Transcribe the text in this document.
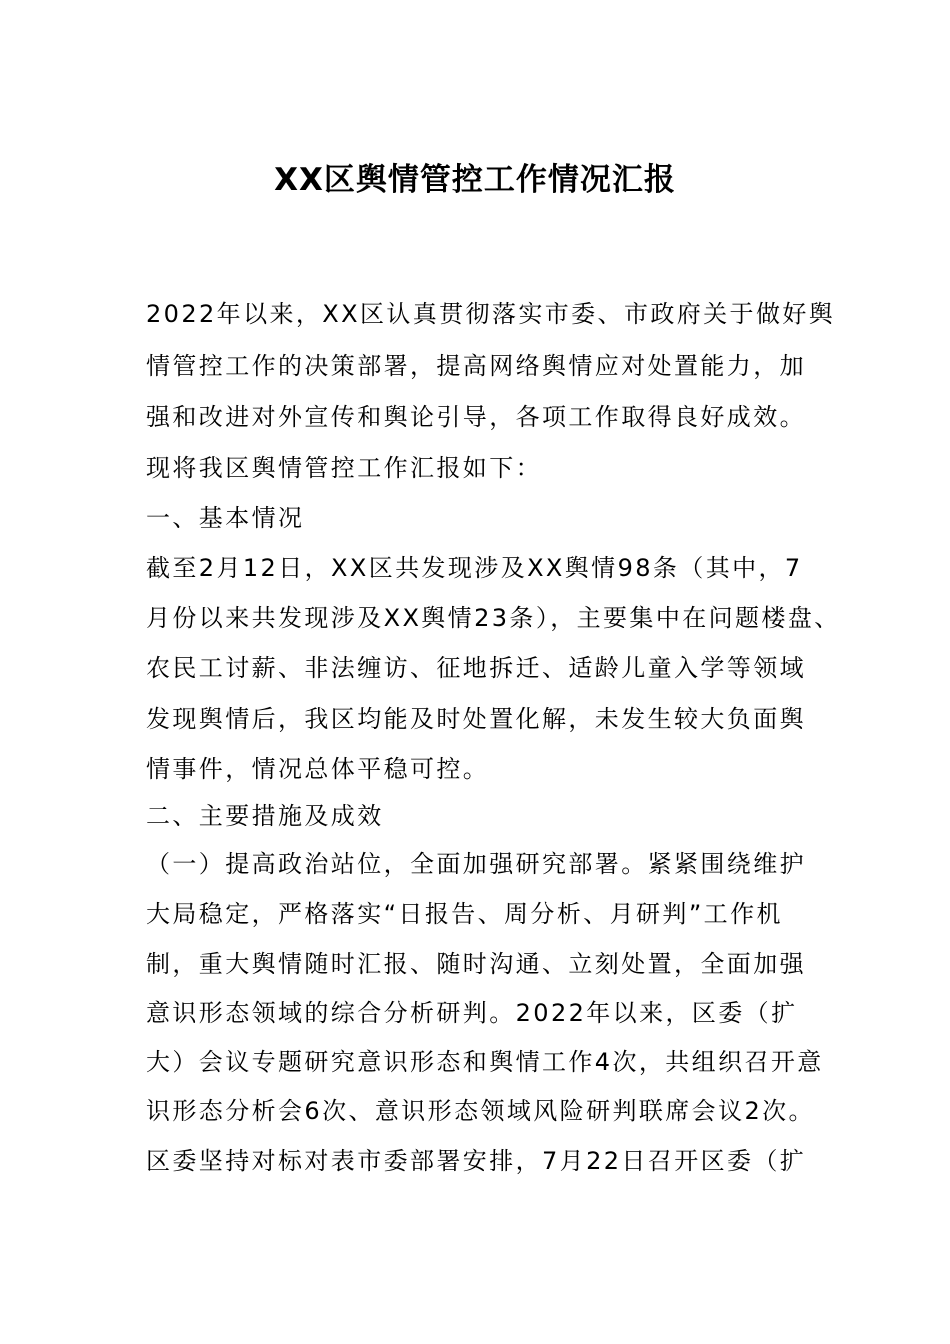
XX区舆情管控工作情况汇报

2022年以来，XX区认真贯彻落实市委、市政府关于做好舆

情管控工作的决策部署，提高网络舆情应对处置能力，加

强和改进对外宣传和舆论引导，各项工作取得良好成效。

现将我区舆情管控工作汇报如下：

一、基本情况

截至2月12日，XX区共发现涉及XX舆情98条（其中，7

月份以来共发现涉及XX舆情23条），主要集中在问题楼盘、

农民工讨薪、非法缠访、征地拆迁、适龄儿童入学等领域

发现舆情后，我区均能及时处置化解，未发生较大负面舆

情事件，情况总体平稳可控。

二、主要措施及成效

（一）提高政治站位，全面加强研究部署。紧紧围绕维护

大局稳定，严格落实“日报告、周分析、月研判”工作机

制，重大舆情随时汇报、随时沟通、立刻处置，全面加强

意识形态领域的综合分析研判。2022年以来，区委（扩

大）会议专题研究意识形态和舆情工作4次，共组织召开意

识形态分析会6次、意识形态领域风险研判联席会议2次。

区委坚持对标对表市委部署安排，7月22日召开区委（扩
